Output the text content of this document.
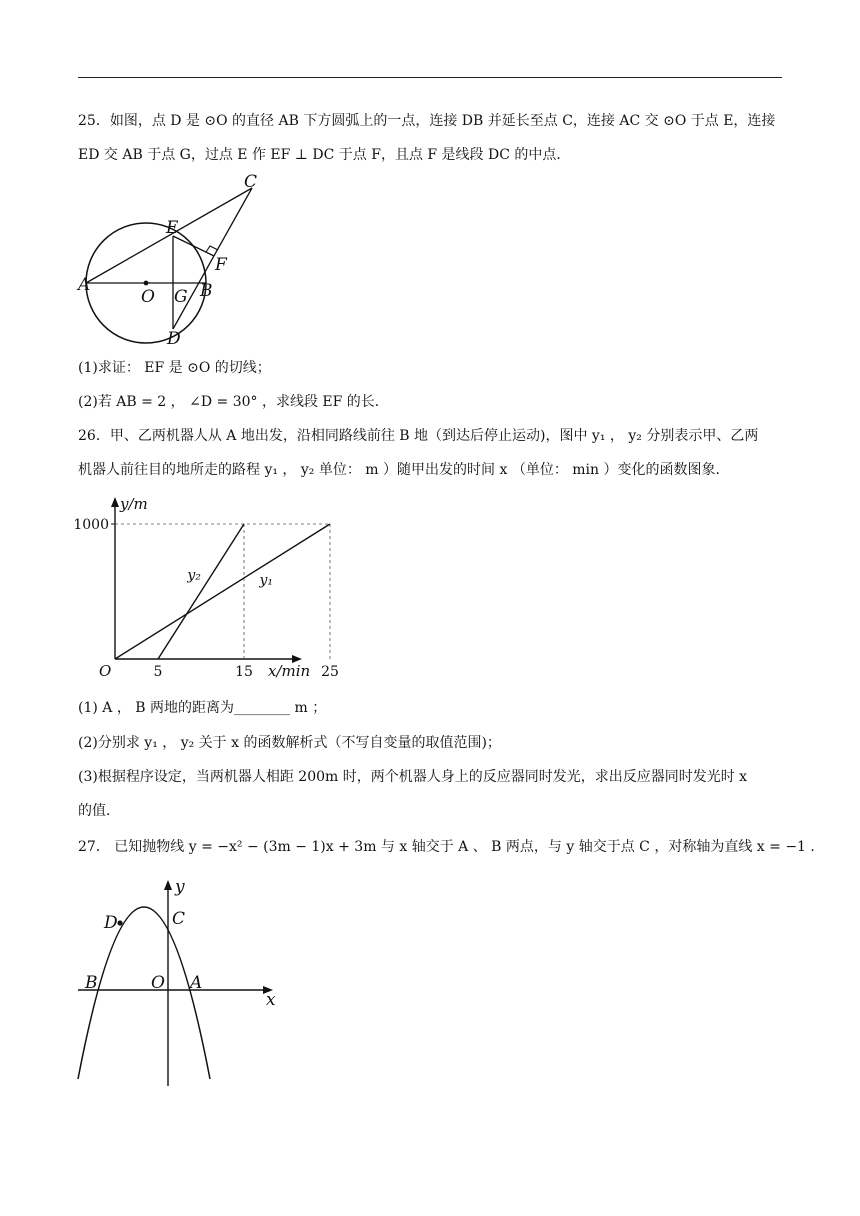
25．如图，点 D 是 ⊙O 的直径 AB 下方圆弧上的一点，连接 DB 并延长至点 C，连接 AC 交 ⊙O 于点 E，连接
ED 交 AB 于点 G，过点 E 作 EF ⊥ DC 于点 F，且点 F 是线段 DC 的中点．
C
E
F
A
O G B
D
(1)求证： EF 是 ⊙O 的切线；
(2)若 AB = 2 ， ∠D = 30° ，求线段 EF 的长．
26．甲、乙两机器人从 A 地出发，沿相同路线前往 B 地（到达后停止运动)，图中 y₁ ， y₂ 分别表示甲、乙两
机器人前往目的地所走的路程 y₁ ， y₂ 单位： m ）随甲出发的时间 x （单位： min ）变化的函数图象．
5	15	25
1000
y₁
y₂
y/m
x/min
O
(1) A ， B 两地的距离为________ m ；
(2)分别求 y₁ ， y₂ 关于 x 的函数解析式（不写自变量的取值范围)；
(3)根据程序设定，当两机器人相距 200m 时，两个机器人身上的反应器同时发光，求出反应器同时发光时 x
的值．
27． 已知抛物线 y = −x² − (3m − 1)x + 3m 与 x 轴交于 A 、 B 两点，与 y 轴交于点 C ，对称轴为直线 x = −1 ．
y
x
D	C
B	O A
